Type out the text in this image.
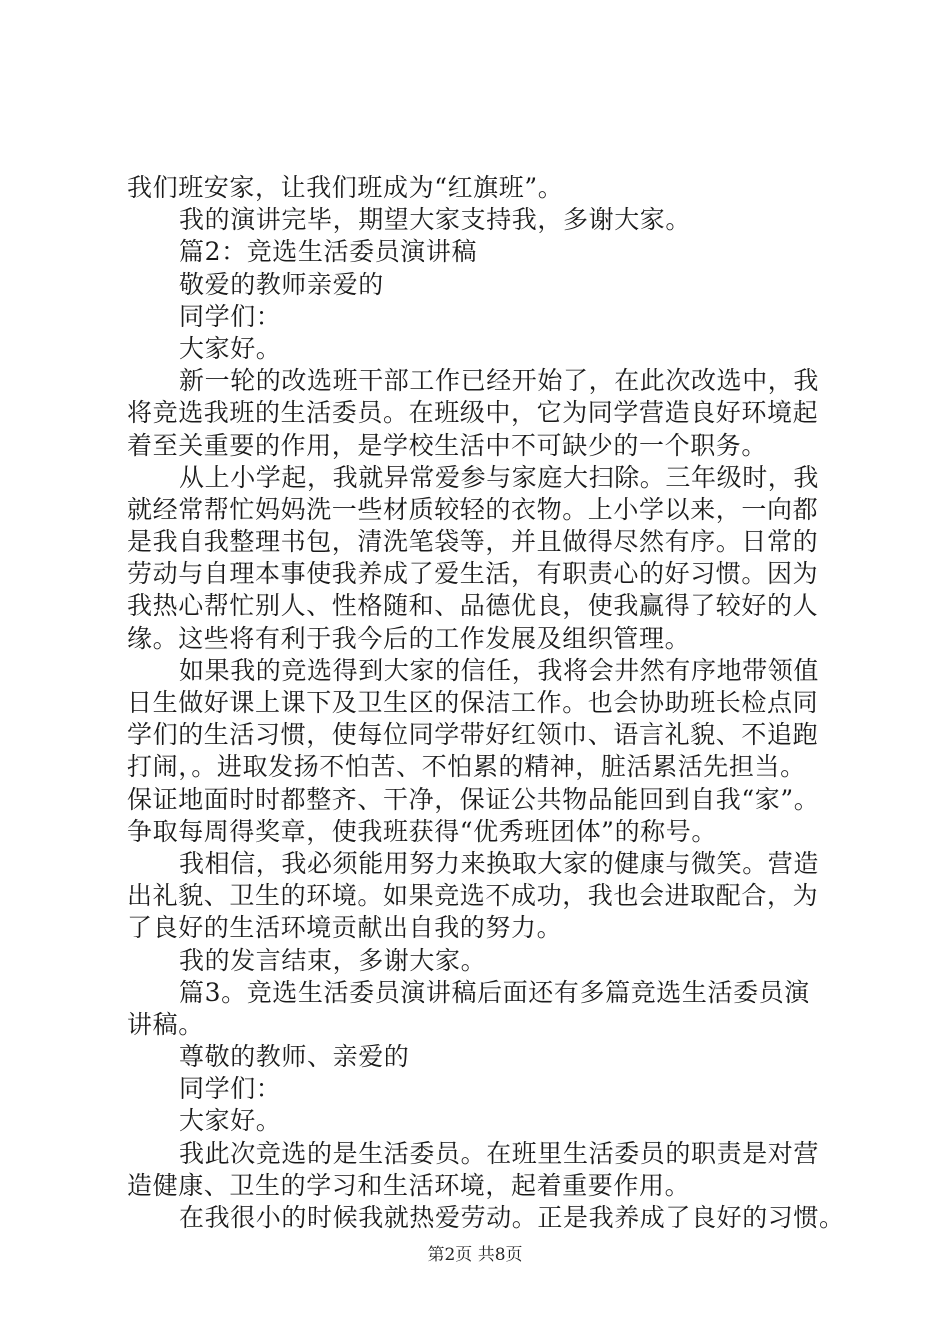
我们班安家，让我们班成为“红旗班”。
我的演讲完毕，期望大家支持我，多谢大家。
篇2：竞选生活委员演讲稿
敬爱的教师亲爱的
同学们：
大家好。
新一轮的改选班干部工作已经开始了，在此次改选中，我
将竞选我班的生活委员。在班级中，它为同学营造良好环境起
着至关重要的作用，是学校生活中不可缺少的一个职务。
从上小学起，我就异常爱参与家庭大扫除。三年级时，我
就经常帮忙妈妈洗一些材质较轻的衣物。上小学以来，一向都
是我自我整理书包，清洗笔袋等，并且做得尽然有序。日常的
劳动与自理本事使我养成了爱生活，有职责心的好习惯。因为
我热心帮忙别人、性格随和、品德优良，使我赢得了较好的人
缘。这些将有利于我今后的工作发展及组织管理。
如果我的竞选得到大家的信任，我将会井然有序地带领值
日生做好课上课下及卫生区的保洁工作。也会协助班长检点同
学们的生活习惯，使每位同学带好红领巾、语言礼貌、不追跑
打闹，。进取发扬不怕苦、不怕累的精神，脏活累活先担当。
保证地面时时都整齐、干净，保证公共物品能回到自我“家”。
争取每周得奖章，使我班获得“优秀班团体”的称号。
我相信，我必须能用努力来换取大家的健康与微笑。营造
出礼貌、卫生的环境。如果竞选不成功，我也会进取配合，为
了良好的生活环境贡献出自我的努力。
我的发言结束，多谢大家。
篇3。竞选生活委员演讲稿后面还有多篇竞选生活委员演
讲稿。
尊敬的教师、亲爱的
同学们：
大家好。
我此次竞选的是生活委员。在班里生活委员的职责是对营
造健康、卫生的学习和生活环境，起着重要作用。
在我很小的时候我就热爱劳动。正是我养成了良好的习惯。
第2页 共8页
